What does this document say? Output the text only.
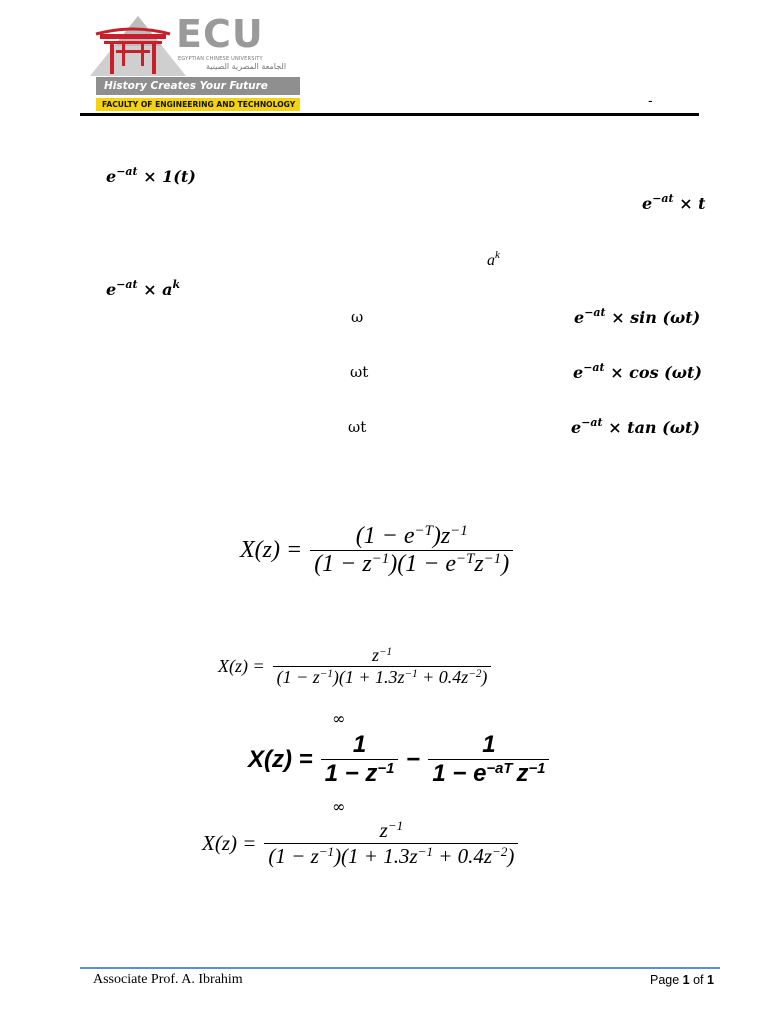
ECU
EGYPTIAN CHINESE UNIVERSITY
الجامعة المصرية الصينية
History Creates Your Future
FACULTY OF ENGINEERING AND TECHNOLOGY	-
$e^{-at} \times 1(t)$
$e^{-at} \times t$
$a^k$
$e^{-at} \times a^k$
ω	$e^{-at} \times \sin (\omega t)$
ωt	$e^{-at} \times \cos (\omega t)$
ωt	$e^{-at} \times \tan (\omega t)$
$X(z) = \frac{(1 - e^{-T})z^{-1}}{(1 - z^{-1})(1 - e^{-T}z^{-1})}$
$X(z) = \frac{z^{-1}}{(1 - z^{-1})(1 + 1.3z^{-1} + 0.4z^{-2})}$
∞
$X(z) = \frac{1}{1 - z^{-1}} - \frac{1}{1 - e^{-aT} z^{-1}}$
∞
$X(z) = \frac{z^{-1}}{(1 - z^{-1})(1 + 1.3z^{-1} + 0.4z^{-2})}$
Associate Prof. A. Ibrahim	Page 1 of 1
